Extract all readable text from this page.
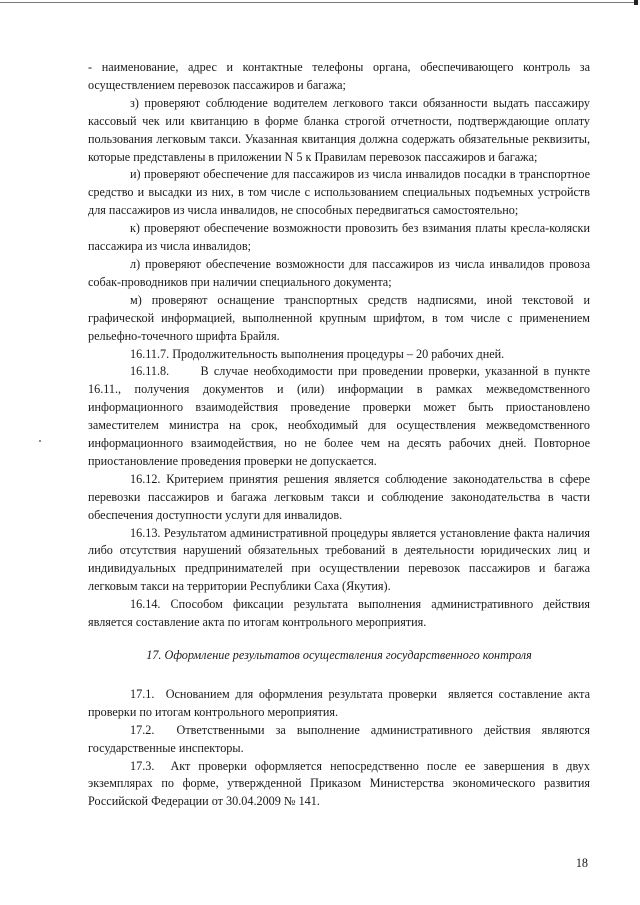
- наименование, адрес и контактные телефоны органа, обеспечивающего контроль за осуществлением перевозок пассажиров и багажа;

з) проверяют соблюдение водителем легкового такси обязанности выдать пассажиру кассовый чек или квитанцию в форме бланка строгой отчетности, подтверждающие оплату пользования легковым такси. Указанная квитанция должна содержать обязательные реквизиты, которые представлены в приложении N 5 к Правилам перевозок пассажиров и багажа;

и) проверяют обеспечение для пассажиров из числа инвалидов посадки в транспортное средство и высадки из них, в том числе с использованием специальных подъемных устройств для пассажиров из числа инвалидов, не способных передвигаться самостоятельно;

к) проверяют обеспечение возможности провозить без взимания платы кресла-коляски пассажира из числа инвалидов;

л) проверяют обеспечение возможности для пассажиров из числа инвалидов провоза собак-проводников при наличии специального документа;

м) проверяют оснащение транспортных средств надписями, иной текстовой и графической информацией, выполненной крупным шрифтом, в том числе с применением рельефно-точечного шрифта Брайля.

16.11.7. Продолжительность выполнения процедуры – 20 рабочих дней.

16.11.8.      В случае необходимости при проведении проверки, указанной в пункте 16.11., получения документов и (или) информации в рамках межведомственного информационного взаимодействия проведение проверки может быть приостановлено заместителем министра на срок, необходимый для осуществления межведомственного информационного взаимодействия, но не более чем на десять рабочих дней. Повторное приостановление проведения проверки не допускается.

16.12. Критерием принятия решения является соблюдение законодательства в сфере перевозки пассажиров и багажа легковым такси и соблюдение законодательства в части обеспечения доступности услуги для инвалидов.

16.13. Результатом административной процедуры является установление факта наличия либо отсутствия нарушений обязательных требований в деятельности юридических лиц и индивидуальных предпринимателей при осуществлении перевозок пассажиров и багажа легковым такси на территории Республики Саха (Якутия).

16.14. Способом фиксации результата выполнения административного действия является составление акта по итогам контрольного мероприятия.

17. Оформление результатов осуществления государственного контроля

17.1.  Основанием для оформления результата проверки  является составление акта  проверки по итогам контрольного мероприятия.

17.2.  Ответственными за выполнение административного действия являются государственные инспекторы.

17.3.  Акт проверки оформляется непосредственно после ее завершения в двух экземплярах по форме, утвержденной Приказом Министерства экономического развития Российской Федерации от 30.04.2009 № 141.

18
